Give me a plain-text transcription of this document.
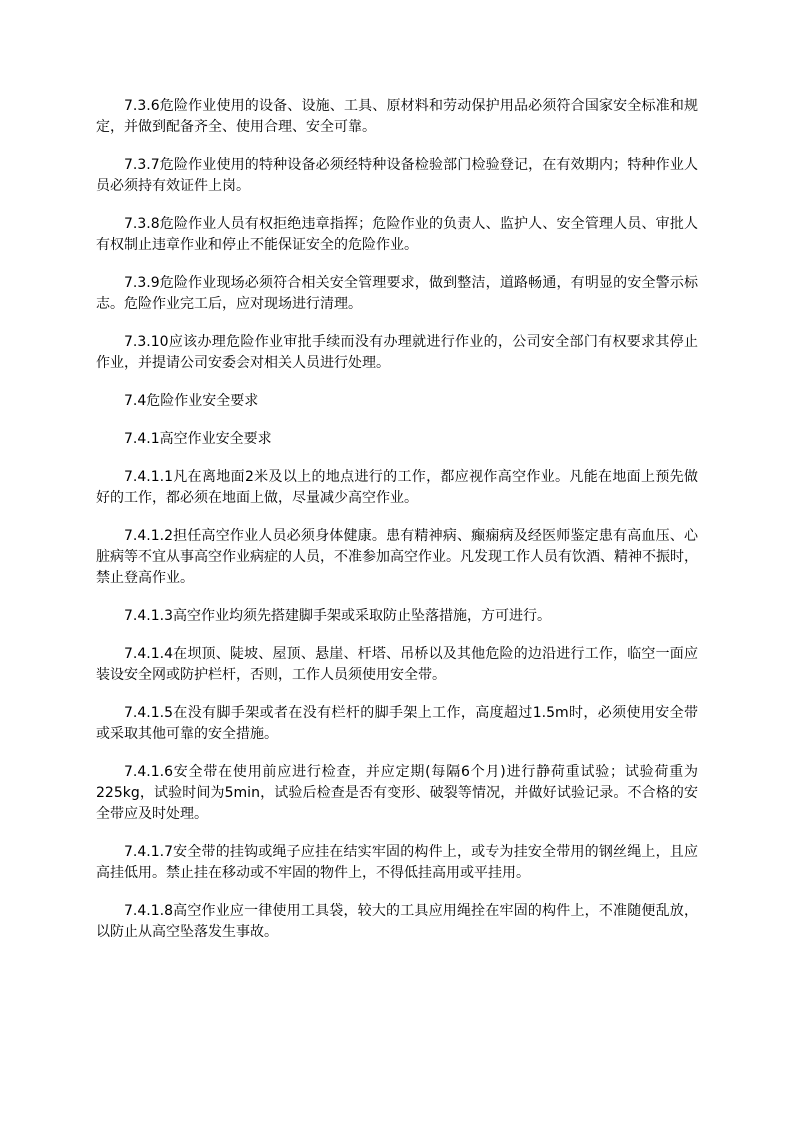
7.3.6危险作业使用的设备、设施、工具、原材料和劳动保护用品必须符合国家安全标准和规定，并做到配备齐全、使用合理、安全可靠。

7.3.7危险作业使用的特种设备必须经特种设备检验部门检验登记，在有效期内；特种作业人员必须持有效证件上岗。

7.3.8危险作业人员有权拒绝违章指挥；危险作业的负责人、监护人、安全管理人员、审批人有权制止违章作业和停止不能保证安全的危险作业。

7.3.9危险作业现场必须符合相关安全管理要求，做到整洁，道路畅通，有明显的安全警示标志。危险作业完工后，应对现场进行清理。

7.3.10应该办理危险作业审批手续而没有办理就进行作业的，公司安全部门有权要求其停止作业，并提请公司安委会对相关人员进行处理。

7.4危险作业安全要求

7.4.1高空作业安全要求

7.4.1.1凡在离地面2米及以上的地点进行的工作，都应视作高空作业。凡能在地面上预先做好的工作，都必须在地面上做，尽量减少高空作业。

7.4.1.2担任高空作业人员必须身体健康。患有精神病、癫痫病及经医师鉴定患有高血压、心脏病等不宜从事高空作业病症的人员，不准参加高空作业。凡发现工作人员有饮酒、精神不振时，禁止登高作业。

7.4.1.3高空作业均须先搭建脚手架或采取防止坠落措施，方可进行。

7.4.1.4在坝顶、陡坡、屋顶、悬崖、杆塔、吊桥以及其他危险的边沿进行工作，临空一面应装设安全网或防护栏杆，否则，工作人员须使用安全带。

7.4.1.5在没有脚手架或者在没有栏杆的脚手架上工作，高度超过1.5m时，必须使用安全带或采取其他可靠的安全措施。

7.4.1.6安全带在使用前应进行检查，并应定期(每隔6个月)进行静荷重试验；试验荷重为225kg，试验时间为5min，试验后检查是否有变形、破裂等情况，并做好试验记录。不合格的安全带应及时处理。

7.4.1.7安全带的挂钩或绳子应挂在结实牢固的构件上，或专为挂安全带用的钢丝绳上，且应高挂低用。禁止挂在移动或不牢固的物件上，不得低挂高用或平挂用。

7.4.1.8高空作业应一律使用工具袋，较大的工具应用绳拴在牢固的构件上，不准随便乱放，以防止从高空坠落发生事故。
